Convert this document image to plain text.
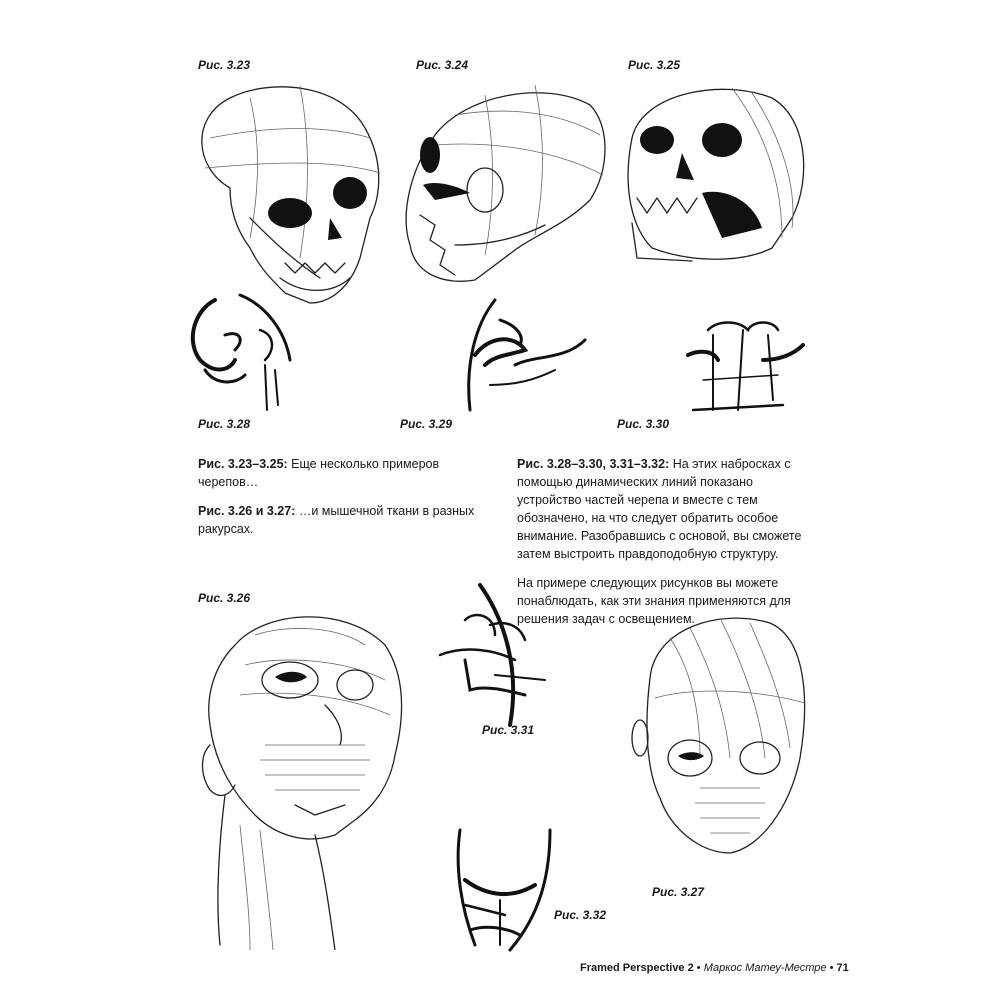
Рис. 3.23	Рис. 3.24	Рис. 3.25
Рис. 3.28	Рис. 3.29	Рис. 3.30
Рис. 3.26
Рис. 3.31
Рис. 3.32
Рис. 3.27

Рис. 3.23–3.25: Еще несколько примеров черепов…

Рис. 3.26 и 3.27: …и мышечной ткани в разных ракурсах.

Рис. 3.28–3.30, 3.31–3.32: На этих набросках с помощью динамических линий показано устройство частей черепа и вместе с тем обозначено, на что следует обратить особое внимание. Разобравшись с основой, вы сможете затем выстроить правдоподобную структуру.

На примере следующих рисунков вы можете понаблюдать, как эти знания применяются для решения задач с освещением.

Framed Perspective 2 • Маркос Матеу-Местре • 71
